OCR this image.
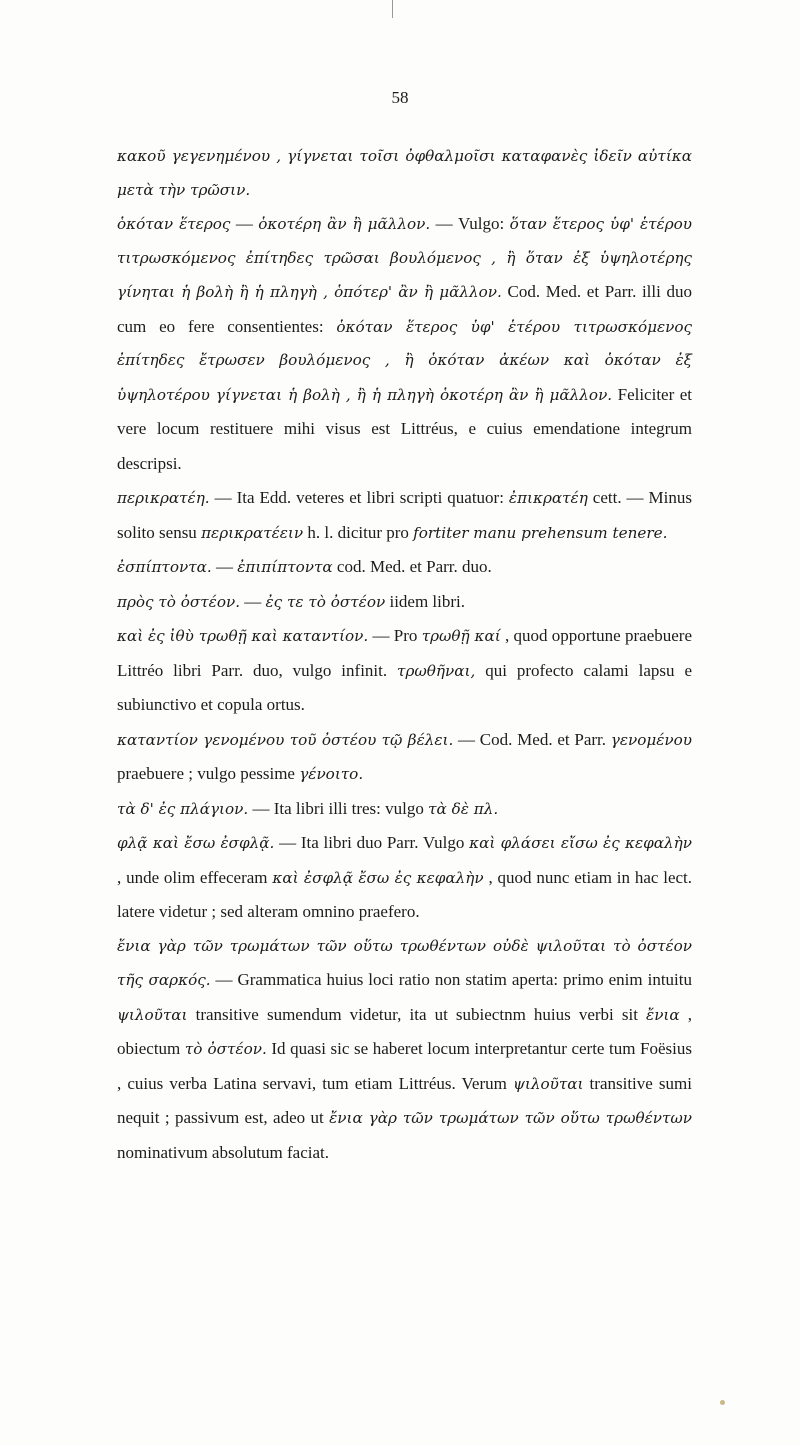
58

κακοῦ γεγενημένου , γίγνεται τοῖσι ὀφθαλμοῖσι καταφανὲς ἰδεῖν αὐτίκα μετὰ τὴν τρῶσιν.

ὁκόταν ἕτερος — ὁκοτέρη ἂν ἢ μᾶλλον. — Vulgo: ὅταν ἕτερος ὑφ' ἑτέρου τιτρωσκόμενος ἐπίτηδες τρῶσαι βουλόμενος , ἢ ὅταν ἐξ ὑψηλοτέρης γίνηται ἡ βολὴ ἢ ἡ πληγὴ , ὁπότερ' ἂν ἢ μᾶλλον. Cod. Med. et Parr. illi duo cum eo fere consentientes: ὁκόταν ἕτερος ὑφ' ἑτέρου τιτρωσκόμενος ἐπίτηδες ἔτρωσεν βουλόμενος , ἢ ὁκόταν ἀκέων καὶ ὁκόταν ἐξ ὑψηλοτέρου γίγνεται ἡ βολὴ , ἢ ἡ πληγὴ ὁκοτέρη ἂν ἢ μᾶλλον. Feliciter et vere locum restituere mihi visus est Littréus, e cuius emendatione integrum descripsi.

περικρατέη. — Ita Edd. veteres et libri scripti quatuor: ἐπικρατέη cett. — Minus solito sensu περικρατέειν h. l. dicitur pro fortiter manu prehensum tenere.

ἐσπίπτοντα. — ἐπιπίπτοντα cod. Med. et Parr. duo.

πρὸς τὸ ὀστέον. — ἐς τε τὸ ὀστέον iidem libri.

καὶ ἐς ἰθὺ τρωθῇ καὶ καταντίον. — Pro τρωθῇ καί , quod opportune praebuere Littréo libri Parr. duo, vulgo infinit. τρωθῆναι, qui profecto calami lapsu e subiunctivo et copula ortus.

καταντίον γενομένου τοῦ ὀστέου τῷ βέλει. — Cod. Med. et Parr. γενομένου praebuere ; vulgo pessime γένοιτο.

τὰ δ' ἐς πλάγιον. — Ita libri illi tres: vulgo τὰ δὲ πλ.

φλᾷ καὶ ἔσω ἐσφλᾷ. — Ita libri duo Parr. Vulgo καὶ φλάσει εἴσω ἐς κεφαλὴν , unde olim effeceram καὶ ἐσφλᾷ ἔσω ἐς κεφαλὴν , quod nunc etiam in hac lect. latere videtur ; sed alteram omnino praefero.

ἔνια γὰρ τῶν τρωμάτων τῶν οὕτω τρωθέντων οὐδὲ ψιλοῦται τὸ ὀστέον τῆς σαρκός. — Grammatica huius loci ratio non statim aperta: primo enim intuitu ψιλοῦται transitive sumendum videtur, ita ut subiectnm huius verbi sit ἔνια , obiectum τὸ ὀστέον. Id quasi sic se haberet locum interpretantur certe tum Foësius , cuius verba Latina servavi, tum etiam Littréus. Verum ψιλοῦται transitive sumi nequit ; passivum est, adeo ut ἔνια γὰρ τῶν τρωμάτων τῶν οὕτω τρωθέντων nominativum absolutum faciat.
